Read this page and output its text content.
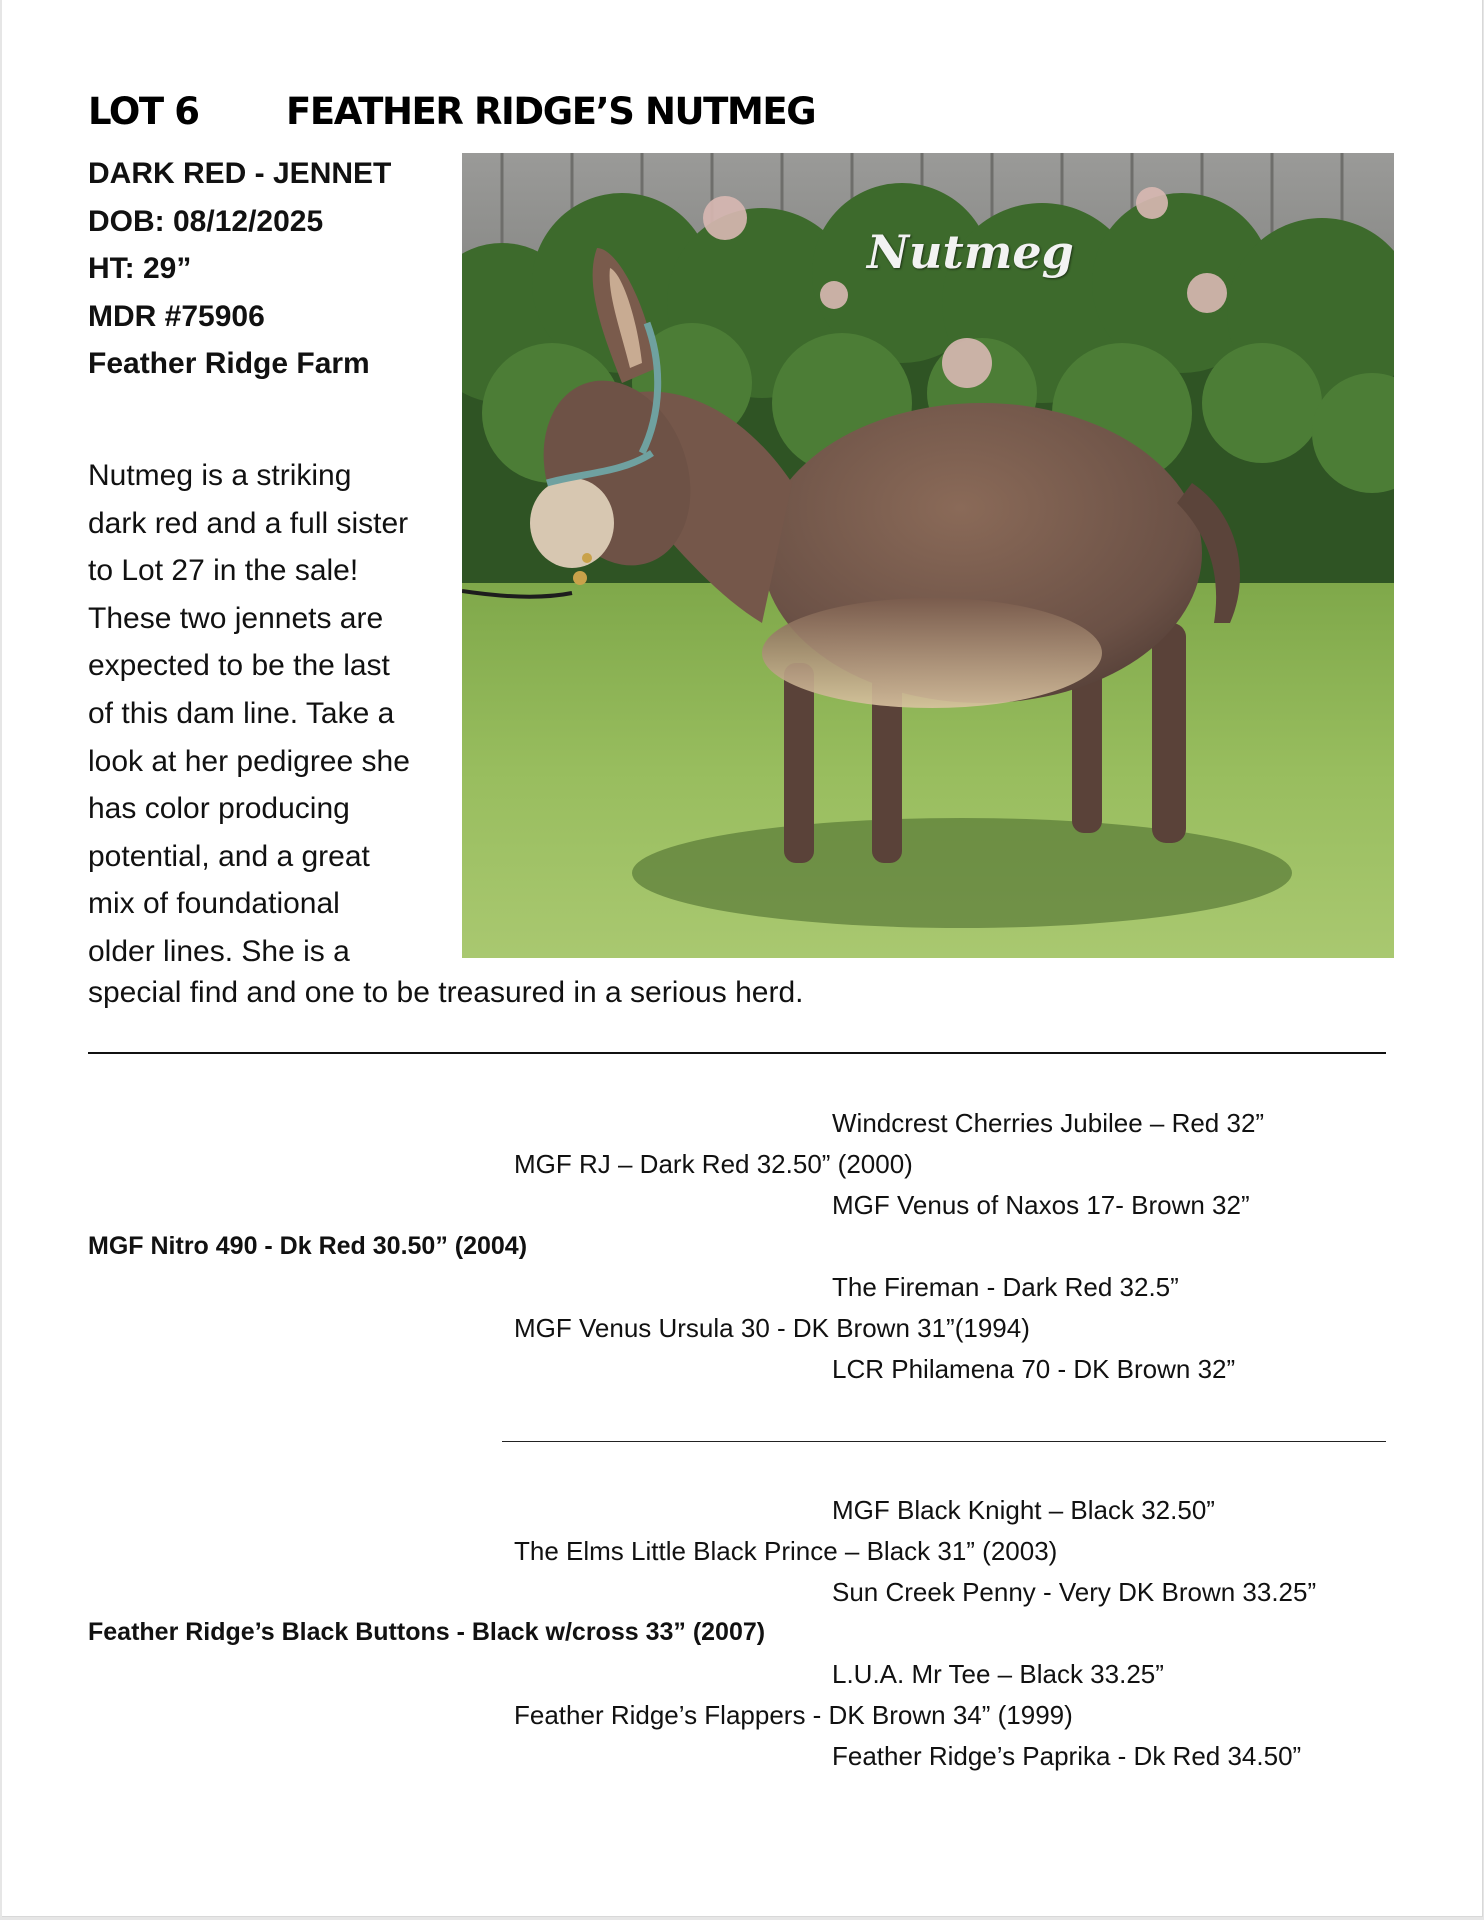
LOT 6 FEATHER RIDGE’S NUTMEG
DARK RED - JENNET
DOB: 08/12/2025
HT: 29”
MDR #75906
Feather Ridge Farm
Nutmeg is a striking
dark red and a full sister
to Lot 27 in the sale!
These two jennets are
expected to be the last
of this dam line. Take a
look at her pedigree she
has color producing
potential, and a great
mix of foundational
older lines. She is a
special find and one to be treasured in a serious herd.
Nutmeg
Windcrest Cherries Jubilee – Red 32”
MGF RJ – Dark Red 32.50” (2000)
MGF Venus of Naxos 17- Brown 32”
MGF Nitro 490 - Dk Red 30.50” (2004)
The Fireman - Dark Red 32.5”
MGF Venus Ursula 30 - DK Brown 31”(1994)
LCR Philamena 70 - DK Brown 32”
MGF Black Knight – Black 32.50”
The Elms Little Black Prince – Black 31” (2003)
Sun Creek Penny - Very DK Brown 33.25”
Feather Ridge’s Black Buttons - Black w/cross 33” (2007)
L.U.A. Mr Tee – Black 33.25”
Feather Ridge’s Flappers - DK Brown 34” (1999)
Feather Ridge’s Paprika - Dk Red 34.50”
